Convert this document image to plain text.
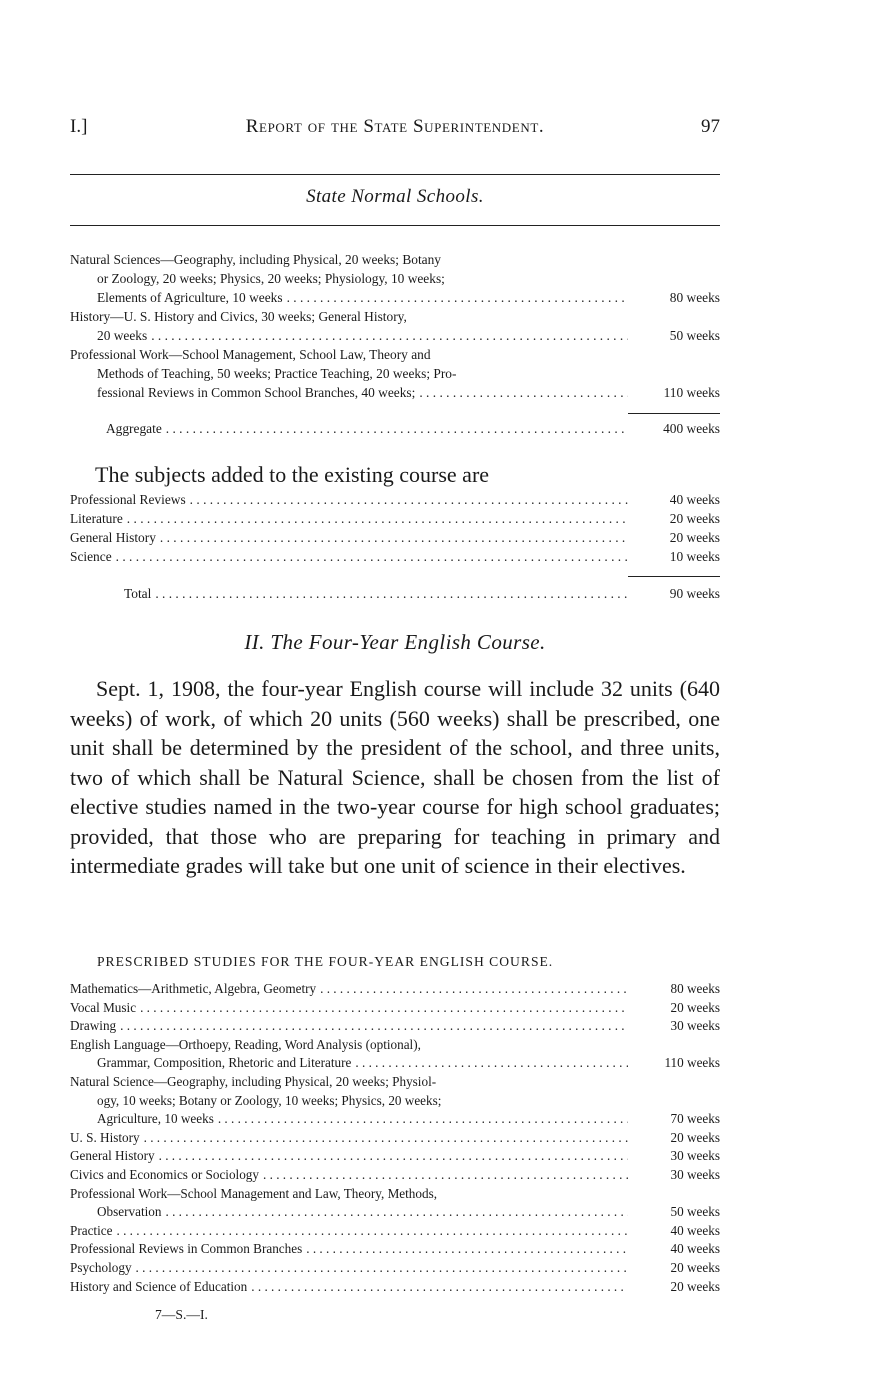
I.]	Report of the State Superintendent.	97
State Normal Schools.
Natural Sciences—Geography, including Physical, 20 weeks; Botany
or Zoology, 20 weeks; Physics, 20 weeks; Physiology, 10 weeks;
Elements of Agriculture, 10 weeks . . .	80 weeks
History—U. S. History and Civics, 30 weeks; General History,
20 weeks . . .	50 weeks
Professional Work—School Management, School Law, Theory and
Methods of Teaching, 50 weeks; Practice Teaching, 20 weeks; Pro-
fessional Reviews in Common School Branches, 40 weeks; . . .	110 weeks
Aggregate . . .	400 weeks
The subjects added to the existing course are
Professional Reviews . . .	40 weeks
Literature . . .	20 weeks
General History . . .	20 weeks
Science . . .	10 weeks
Total . . .	90 weeks
II. The Four-Year English Course.
Sept. 1, 1908, the four-year English course will include 32 units (640 weeks) of work, of which 20 units (560 weeks) shall be prescribed, one unit shall be determined by the president of the school, and three units, two of which shall be Natural Science, shall be chosen from the list of elective studies named in the two-year course for high school graduates; provided, that those who are preparing for teaching in primary and intermediate grades will take but one unit of science in their electives.
PRESCRIBED STUDIES FOR THE FOUR-YEAR ENGLISH COURSE.
Mathematics—Arithmetic, Algebra, Geometry . . .	80 weeks
Vocal Music . . .	20 weeks
Drawing . . .	30 weeks
English Language—Orthoepy, Reading, Word Analysis (optional),
Grammar, Composition, Rhetoric and Literature . . .	110 weeks
Natural Science—Geography, including Physical, 20 weeks; Physiol-
ogy, 10 weeks; Botany or Zoology, 10 weeks; Physics, 20 weeks;
Agriculture, 10 weeks . . .	70 weeks
U. S. History . . .	20 weeks
General History . . .	30 weeks
Civics and Economics or Sociology . . .	30 weeks
Professional Work—School Management and Law, Theory, Methods,
Observation . . .	50 weeks
Practice . . .	40 weeks
Professional Reviews in Common Branches . . .	40 weeks
Psychology . . .	20 weeks
History and Science of Education . . .	20 weeks
7—S.—I.
